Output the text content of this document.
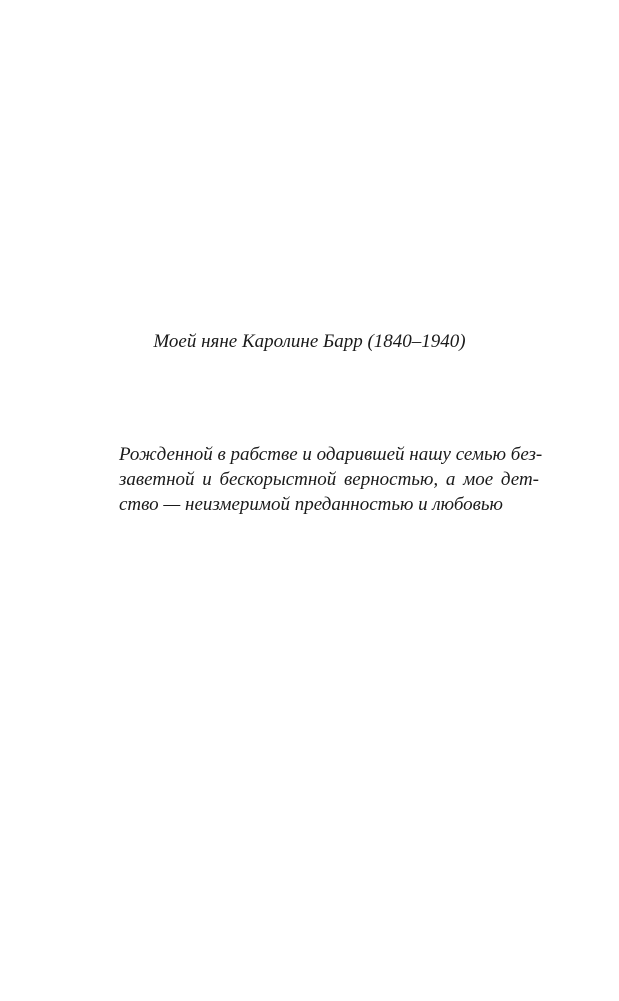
Моей няне Каролине Барр (1840–1940)

Рожденной в рабстве и одарившей нашу семью без-
заветной и бескорыстной верностью, а мое дет-
ство — неизмеримой преданностью и любовью
